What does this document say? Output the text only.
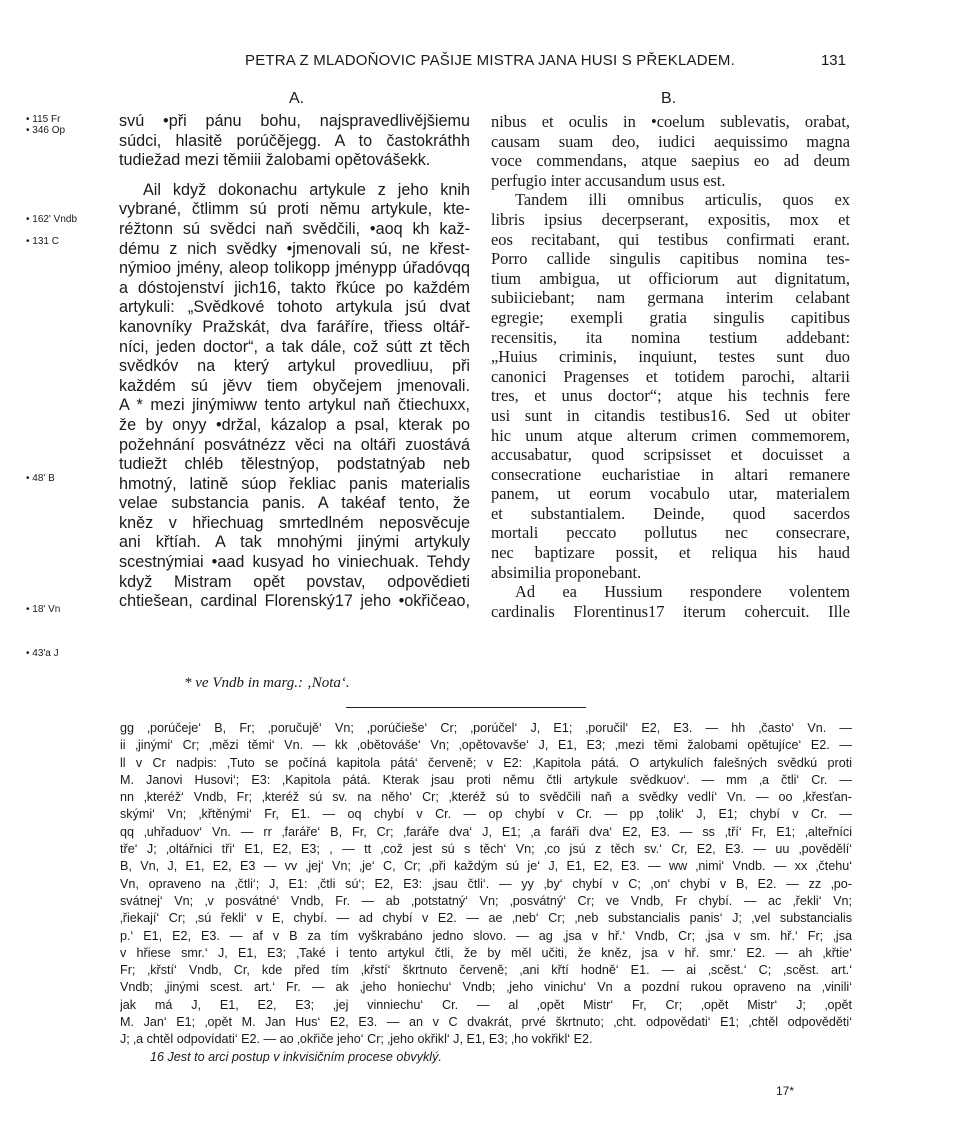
PETRA Z MLADOŇOVIC PAŠIJE MISTRA JANA HUSI S PŘEKLADEM.	131
A.	B.
• 115 Fr
• 346 Op
• 162' Vndb
• 131 C
• 48' B
• 18' Vn
• 43'a J
svú •při pánu bohu, najspravedlivějšiemu
súdci, hlasitě porúčějegg. A to častokráthh
tudiežad mezi těmiii žalobami opětovášekk.
Ail když dokonachu artykule z jeho knih
vybrané, čtlimm sú proti němu artykule, kte-
réžtonn sú svědci naň svědčili, •aoq kh kaž-
dému z nich svědky •jmenovali sú, ne křest-
nýmioo jmény, aleop tolikopp jménypp úřadóvqq
a dóstojenství jich16, takto řkúce po každém
artykuli: „Svědkové tohoto artykula jsú dvat
kanovníky Pražskát, dva faráříre, třiess oltář-
níci, jeden doctor“, a tak dále, což sútt zt těch
svědkóv na který artykul provedliuu, při
každém sú jěvv tiem obyčejem jmenovali.
A * mezi jinýmiww tento artykul naň čtiechuxx,
že by onyy •držal, kázalop a psal, kterak po
požehnání posvátnézz věci na oltáři zuostává
tudiežt chléb tělestnýop, podstatnýab neb
hmotný, latině súop řekliac panis materialis
velae substancia panis. A takéaf tento, že
kněz v hřiechuag smrtedlném neposvěcuje
ani křtíah. A tak mnohými jinými artykuly
scestnýmiai •aad kusyad ho viniechuak. Tehdy
když Mistram opět povstav, odpovědieti
chtiešean, cardinal Florenský17 jeho •okřičeao,
nibus et oculis in •coelum sublevatis, orabat,
causam suam deo, iudici aequissimo magna
voce commendans, atque saepius eo ad deum
perfugio inter accusandum usus est.
Tandem illi omnibus articulis, quos ex
libris ipsius decerpserant, expositis, mox et
eos recitabant, qui testibus confirmati erant.
Porro callide singulis capitibus nomina tes-
tium ambigua, ut officiorum aut dignitatum,
subiiciebant; nam germana interim celabant
egregie; exempli gratia singulis capitibus
recensitis, ita nomina testium addebant:
„Huius criminis, inquiunt, testes sunt duo
canonici Pragenses et totidem parochi, altarii
tres, et unus doctor“; atque his technis fere
usi sunt in citandis testibus16. Sed ut obiter
hic unum atque alterum crimen commemorem,
accusabatur, quod scripsisset et docuisset a
consecratione eucharistiae in altari remanere
panem, ut eorum vocabulo utar, materialem
et substantialem. Deinde, quod sacerdos
mortali peccato pollutus nec consecrare,
nec baptizare possit, et reliqua his haud
absimilia proponebant.
Ad ea Hussium respondere volentem
cardinalis Florentinus17 iterum cohercuit. Ille
* ve Vndb in marg.: ‚Nota‘.
gg ‚porúčeje‘ B, Fr; ‚poručujě‘ Vn; ‚porúčieše‘ Cr; ‚porúčel‘ J, E1; ‚poručil‘ E2, E3. — hh ‚často‘ Vn. —
ii ‚jinými‘ Cr; ‚mězi těmi‘ Vn. — kk ‚obětováše‘ Vn; ‚opětovavše‘ J, E1, E3; ‚mezi těmi žalobami opětujíce‘ E2. —
ll v Cr nadpis: ‚Tuto se počíná kapitola pátá‘ červeně; v E2: ‚Kapitola pátá. O artykulích falešných svědkú proti
M. Janovi Husovi‘; E3: ‚Kapitola pátá. Kterak jsau proti němu čtli artykule svědkuov‘. — mm ‚a čtli‘ Cr. —
nn ‚kteréž‘ Vndb, Fr; ‚kteréž sú sv. na něho‘ Cr; ‚kteréž sú to svědčili naň a svědky vedlí‘ Vn. — oo ‚křesťan-
skými‘ Vn; ‚křtěnými‘ Fr, E1. — oq chybí v Cr. — op chybí v Cr. — pp ‚tolik‘ J, E1; chybí v Cr. —
qq ‚uhřaduov‘ Vn. — rr ‚faráře‘ B, Fr, Cr; ‚faráře dva‘ J, E1; ‚a faráři dva‘ E2, E3. — ss ‚tří‘ Fr, E1; ‚alteřníci
tře‘ J; ‚oltářnici tři‘ E1, E2, E3; , — tt ‚což jest sú s těch‘ Vn; ‚co jsú z těch sv.‘ Cr, E2, E3. — uu ‚povědělí‘
B, Vn, J, E1, E2, E3 — vv ‚jej‘ Vn; ‚je‘ C, Cr; ‚při každým sú je‘ J, E1, E2, E3. — ww ‚nimi‘ Vndb. — xx ‚čtehu‘
Vn, opraveno na ‚čtli‘; J, E1: ‚čtli sú‘; E2, E3: ‚jsau čtli‘. — yy ‚by‘ chybí v C; ‚on‘ chybí v B, E2. — zz ‚po-
svátnej‘ Vn; ‚v posvátné‘ Vndb, Fr. — ab ‚potstatný‘ Vn; ‚posvátný‘ Cr; ve Vndb, Fr chybí. — ac ‚řekli‘ Vn;
‚řiekají‘ Cr; ‚sú řekli‘ v E, chybí. — ad chybí v E2. — ae ‚neb‘ Cr; ‚neb substancialis panis‘ J; ‚vel substancialis
p.‘ E1, E2, E3. — af v B za tím vyškrabáno jedno slovo. — ag ‚jsa v hř.‘ Vndb, Cr; ‚jsa v sm. hř.‘ Fr; ‚jsa
v hřiese smr.‘ J, E1, E3; ‚Také i tento artykul čtli, že by měl učiti, že kněz, jsa v hř. smr.‘ E2. — ah ‚křtie‘
Fr; ‚křstí‘ Vndb, Cr, kde před tím ‚křstí‘ škrtnuto červeně; ‚ani křtí hodně‘ E1. — ai ‚scěst.‘ C; ‚scěst. art.‘
Vndb; ‚jinými scest. art.‘ Fr. — ak ‚jeho honiechu‘ Vndb; ‚jeho vinichu‘ Vn a pozdní rukou opraveno na ‚vinili‘
jak má J, E1, E2, E3; ‚jej vinniechu‘ Cr. — al ‚opět Mistr‘ Fr, Cr; ‚opět Mistr‘ J; ‚opět
M. Jan‘ E1; ‚opět M. Jan Hus‘ E2, E3. — an v C dvakrát, prvé škrtnuto; ‚cht. odpovědati‘ E1; ‚chtěl odpověděti‘
J; ‚a chtěl odpovídati‘ E2. — ao ‚okřiče jeho‘ Cr; ‚jeho okřikl‘ J, E1, E3; ‚ho vokřikl‘ E2.
16 Jest to arci postup v inkvisičním procese obvyklý.
17*
